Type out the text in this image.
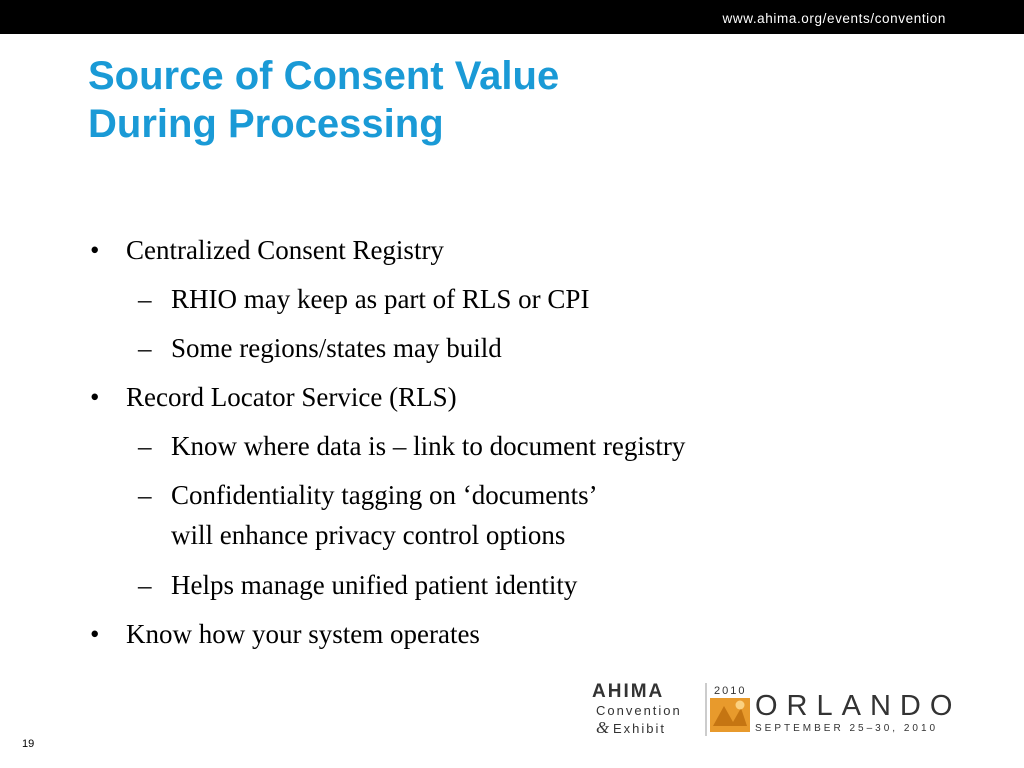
www.ahima.org/events/convention
Source of Consent Value
During Processing
• Centralized Consent Registry
– RHIO may keep as part of RLS or CPI
– Some regions/states may build
• Record Locator Service (RLS)
– Know where data is – link to document registry
– Confidentiality tagging on ‘documents’
will enhance privacy control options
– Helps manage unified patient identity
• Know how your system operates
AHIMA
Convention
& Exhibit
2010 ORLANDO
SEPTEMBER 25–30, 2010
19
